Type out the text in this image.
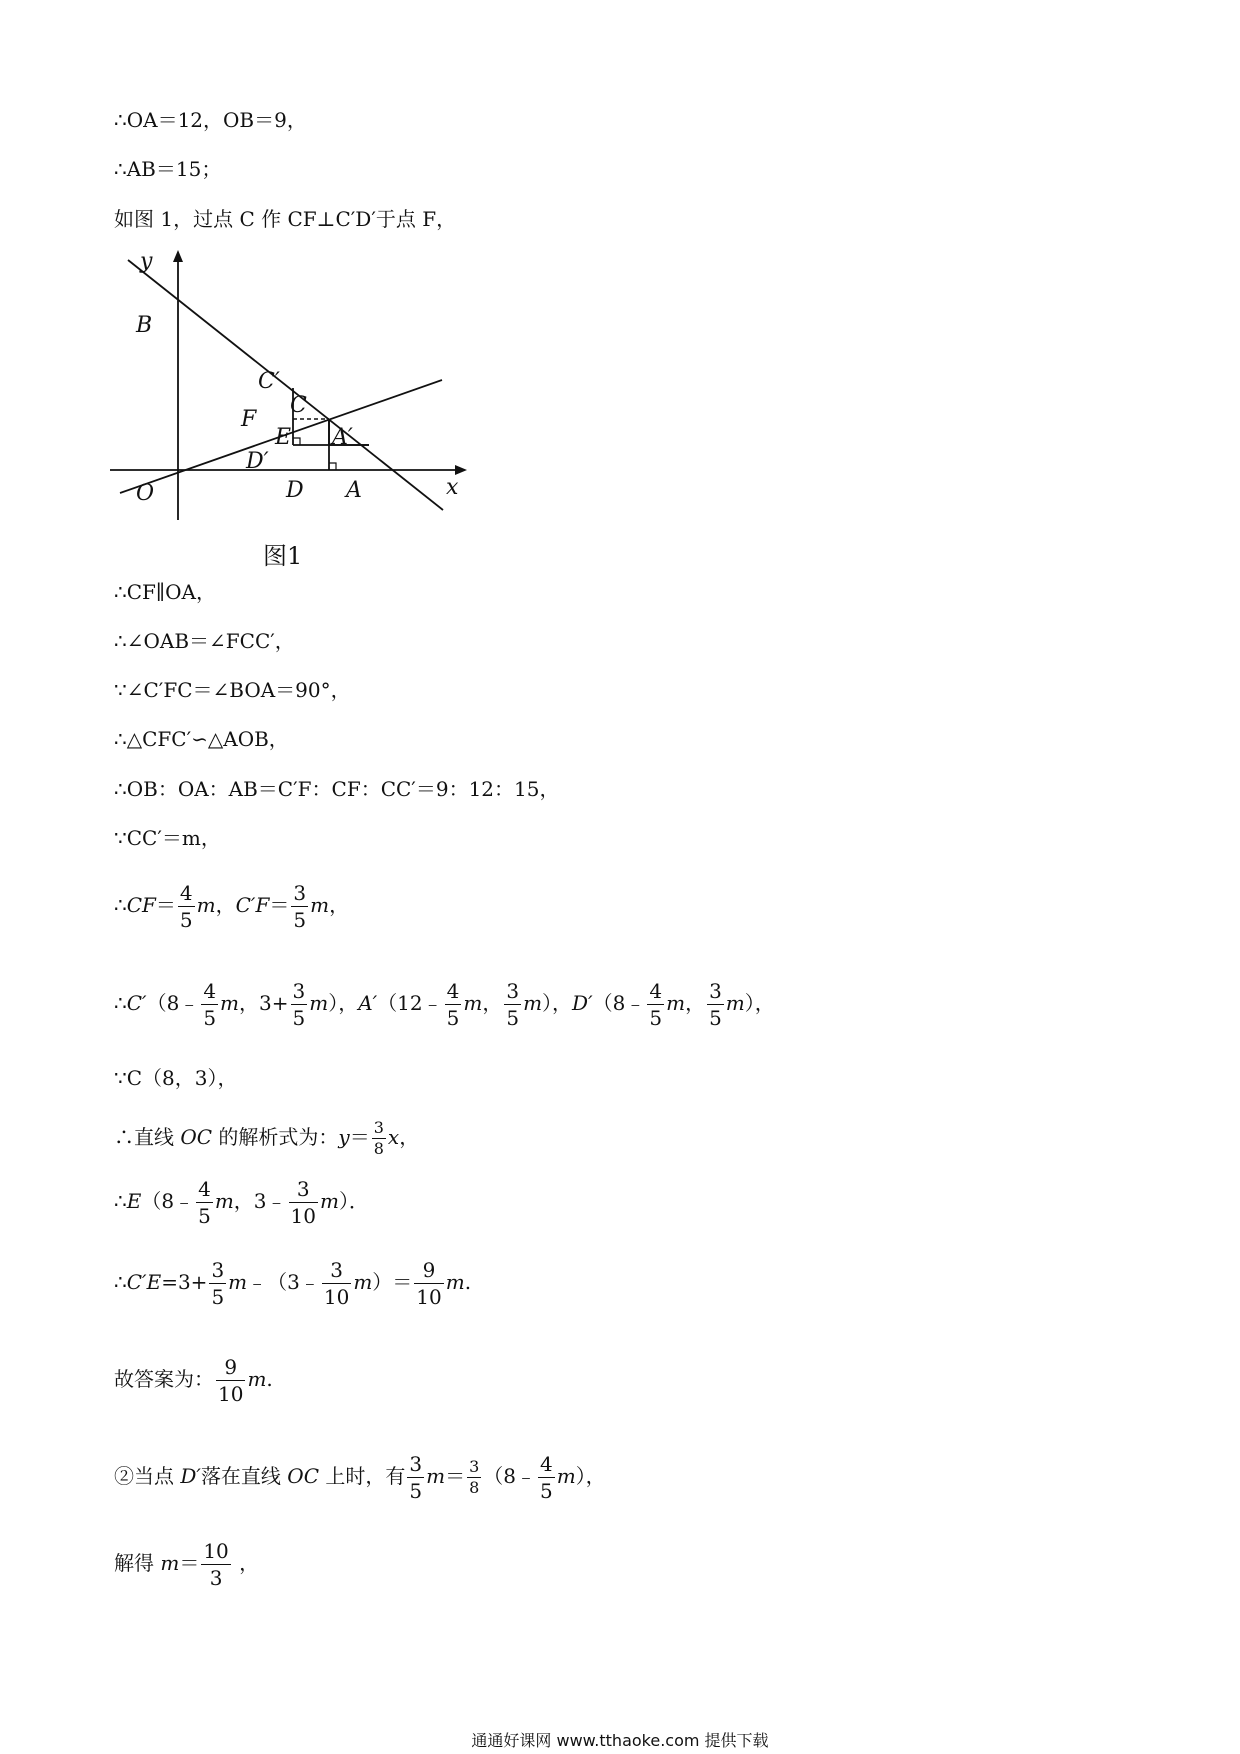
∴OA＝12，OB＝9，
∴AB＝15；
如图 1，过点 C 作 CF⊥C′D′于点 F，
y
B
O
C′
C
F
E A′
D′
D A	x
图1
∴CF∥OA，
∴∠OAB＝∠FCC′，
∵∠C′FC＝∠BOA＝90°，
∴△CFC′∽△AOB，
∴OB：OA：AB＝C′F：CF：CC′＝9：12：15，
∵CC′＝m，
∴CF＝ $\frac{4}{5}$ m，$C'F= \frac{3}{5}$ m，
∴C′（8﹣ $\frac{4}{5}$ m，$3+ \frac{3}{5} m$），A′（12﹣ $\frac{4}{5}$ m， $\frac{3}{5} m$），D′（8﹣ $\frac{4}{5}$ m， $\frac{3}{5} m$），
∵C（8，3），
∴直线 OC 的解析式为：$y= \frac{3}{8}$ x，
∴E（8﹣ $\frac{4}{5}$ m，3﹣ $\frac{3}{10} m$）．
∴C′E=3+ $\frac{3}{5}$ m﹣（3﹣ $\frac{3}{10} m)= \frac{9}{10} m$.
故答案为： $\frac{9}{10} m$.
②当点 D′落在直线 OC 上时，有 $\frac{3}{5} m= \frac{3}{8}$ （8﹣ $\frac{4}{5} m$），
解得 $m= \frac{10}{3}$ ，
通通好课网 www.tthaoke.com 提供下载
